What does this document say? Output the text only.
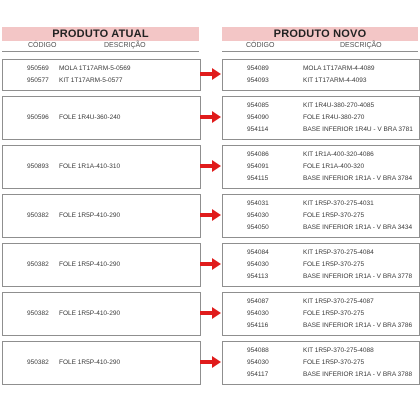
PRODUTO ATUAL
CÓDIGO	DESCRIÇÃO
PRODUTO NOVO
CÓDIGO	DESCRIÇÃO
950569 MOLA 1T17ARM-5-0569
950577 KIT 1T17ARM-5-0577
954089	MOLA 1T17ARM-4-4089
954093	KIT 1T17ARM-4-4093
950596 FOLE 1R4U-360-240
954085	KIT 1R4U-380-270-4085
954090	FOLE 1R4U-380-270
954114	BASE INFERIOR 1R4U - V BRA 3781
950893 FOLE 1R1A-410-310
954086	KIT 1R1A-400-320-4086
954091	FOLE 1R1A-400-320
954115	BASE INFERIOR 1R1A - V BRA 3784
950382 FOLE 1R5P-410-290
954031	KIT 1R5P-370-275-4031
954030	FOLE 1R5P-370-275
954050	BASE INFERIOR 1R1A - V BRA 3434
950382 FOLE 1R5P-410-290
954084	KIT 1R5P-370-275-4084
954030	FOLE 1R5P-370-275
954113	BASE INFERIOR 1R1A - V BRA 3778
950382 FOLE 1R5P-410-290
954087	KIT 1R5P-370-275-4087
954030	FOLE 1R5P-370-275
954116	BASE INFERIOR 1R1A - V BRA 3786
950382 FOLE 1R5P-410-290
954088	KIT 1R5P-370-275-4088
954030	FOLE 1R5P-370-275
954117	BASE INFERIOR 1R1A - V BRA 3788
